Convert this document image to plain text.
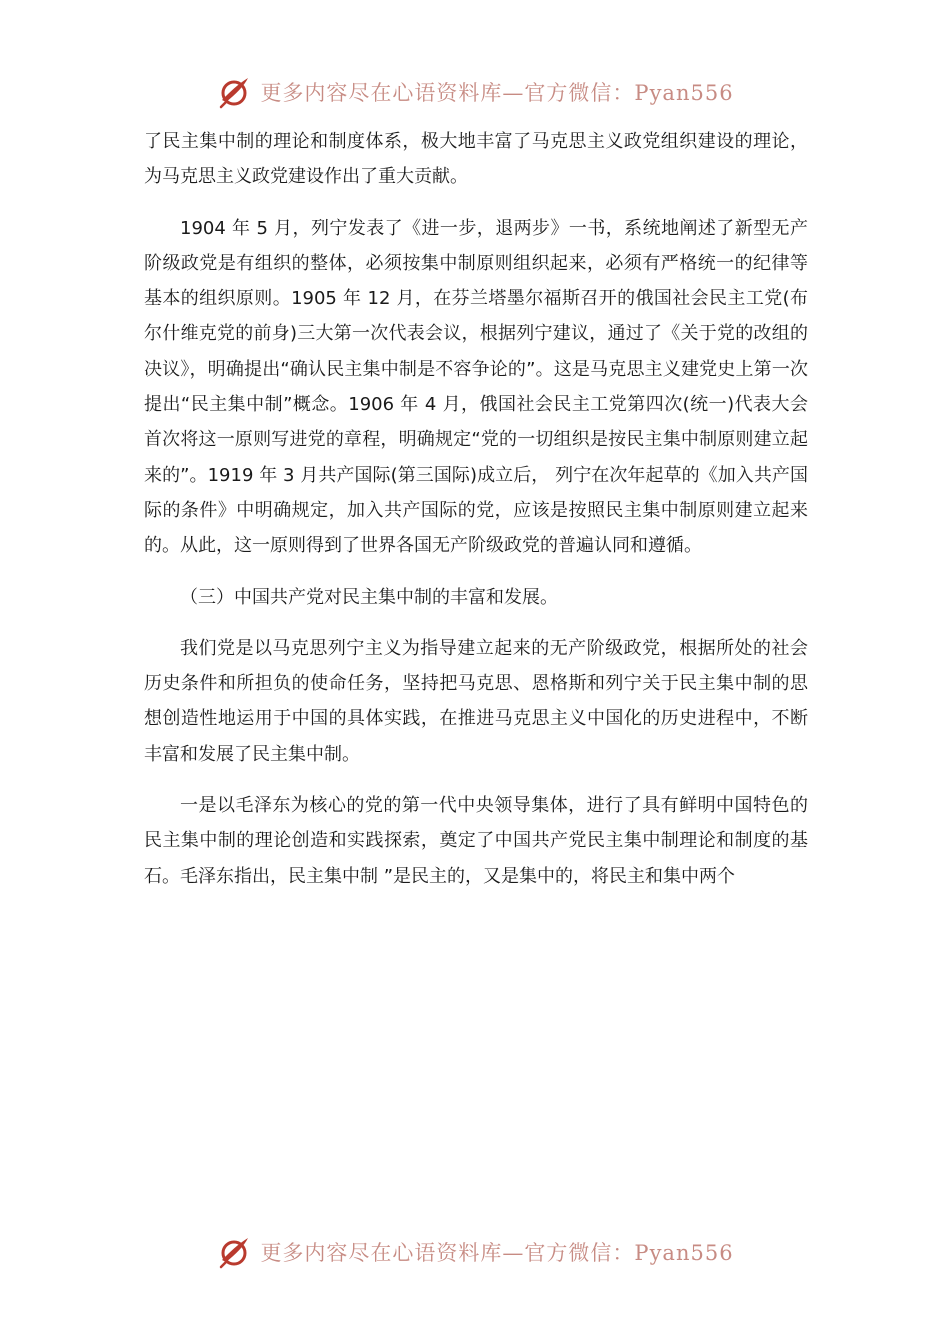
更多内容尽在心语资料库—官方微信：Pyan556

了民主集中制的理论和制度体系，极大地丰富了马克思主义政党组织建设的理论，为马克思主义政党建设作出了重大贡献。

1904 年 5 月，列宁发表了《进一步，退两步》一书，系统地阐述了新型无产阶级政党是有组织的整体，必须按集中制原则组织起来，必须有严格统一的纪律等基本的组织原则。1905 年 12 月，在芬兰塔墨尔福斯召开的俄国社会民主工党(布尔什维克党的前身)三大第一次代表会议，根据列宁建议，通过了《关于党的改组的决议》，明确提出“确认民主集中制是不容争论的”。这是马克思主义建党史上第一次提出“民主集中制”概念。1906 年 4 月，俄国社会民主工党第四次(统一)代表大会首次将这一原则写进党的章程，明确规定“党的一切组织是按民主集中制原则建立起来的”。1919 年 3 月共产国际(第三国际)成立后， 列宁在次年起草的《加入共产国际的条件》中明确规定，加入共产国际的党，应该是按照民主集中制原则建立起来的。从此，这一原则得到了世界各国无产阶级政党的普遍认同和遵循。

（三）中国共产党对民主集中制的丰富和发展。

我们党是以马克思列宁主义为指导建立起来的无产阶级政党，根据所处的社会历史条件和所担负的使命任务，坚持把马克思、恩格斯和列宁关于民主集中制的思想创造性地运用于中国的具体实践，在推进马克思主义中国化的历史进程中，不断丰富和发展了民主集中制。

一是以毛泽东为核心的党的第一代中央领导集体，进行了具有鲜明中国特色的民主集中制的理论创造和实践探索，奠定了中国共产党民主集中制理论和制度的基石。毛泽东指出，民主集中制 ”是民主的，又是集中的，将民主和集中两个

更多内容尽在心语资料库—官方微信：Pyan556
